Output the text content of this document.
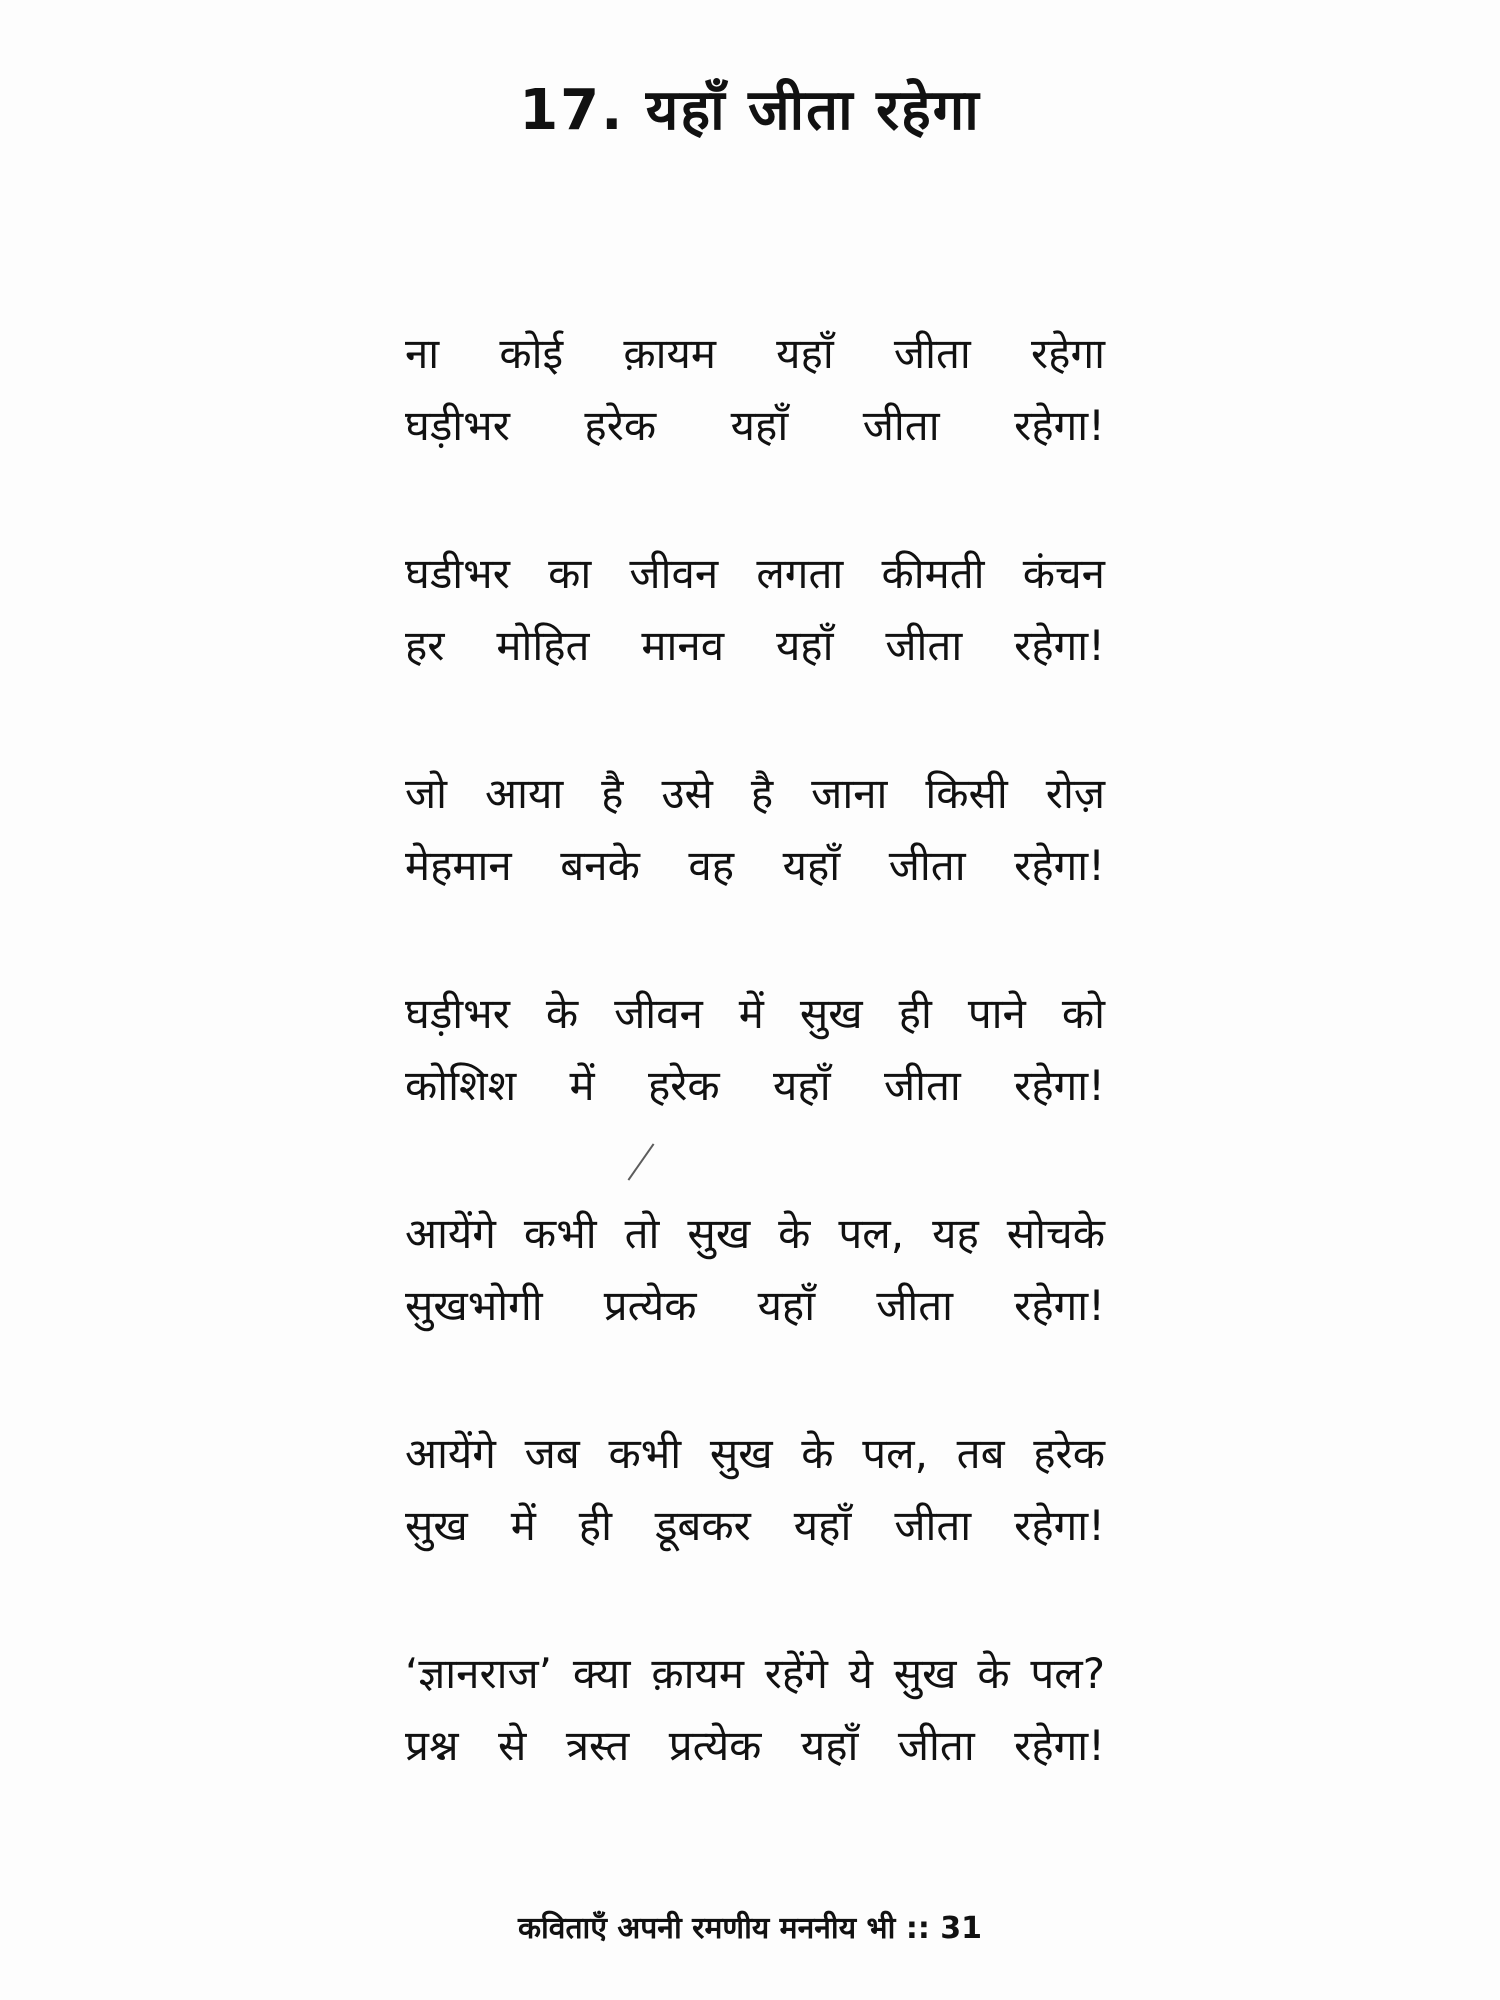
17. यहाँ जीता रहेगा
ना कोई क़ायम यहाँ जीता रहेगा
घड़ीभर हरेक यहाँ जीता रहेगा!
घडीभर का जीवन लगता कीमती कंचन
हर मोहित मानव यहाँ जीता रहेगा!
जो आया है उसे है जाना किसी रोज़
मेहमान बनके वह यहाँ जीता रहेगा!
घड़ीभर के जीवन में सुख ही पाने को
कोशिश में हरेक यहाँ जीता रहेगा!
आयेंगे कभी तो सुख के पल, यह सोचके
सुखभोगी प्रत्येक यहाँ जीता रहेगा!
आयेंगे जब कभी सुख के पल, तब हरेक
सुख में ही डूबकर यहाँ जीता रहेगा!
‘ज्ञानराज’ क्या क़ायम रहेंगे ये सुख के पल?
प्रश्न से त्रस्त प्रत्येक यहाँ जीता रहेगा!
कविताएँ अपनी रमणीय मननीय भी :: 31
